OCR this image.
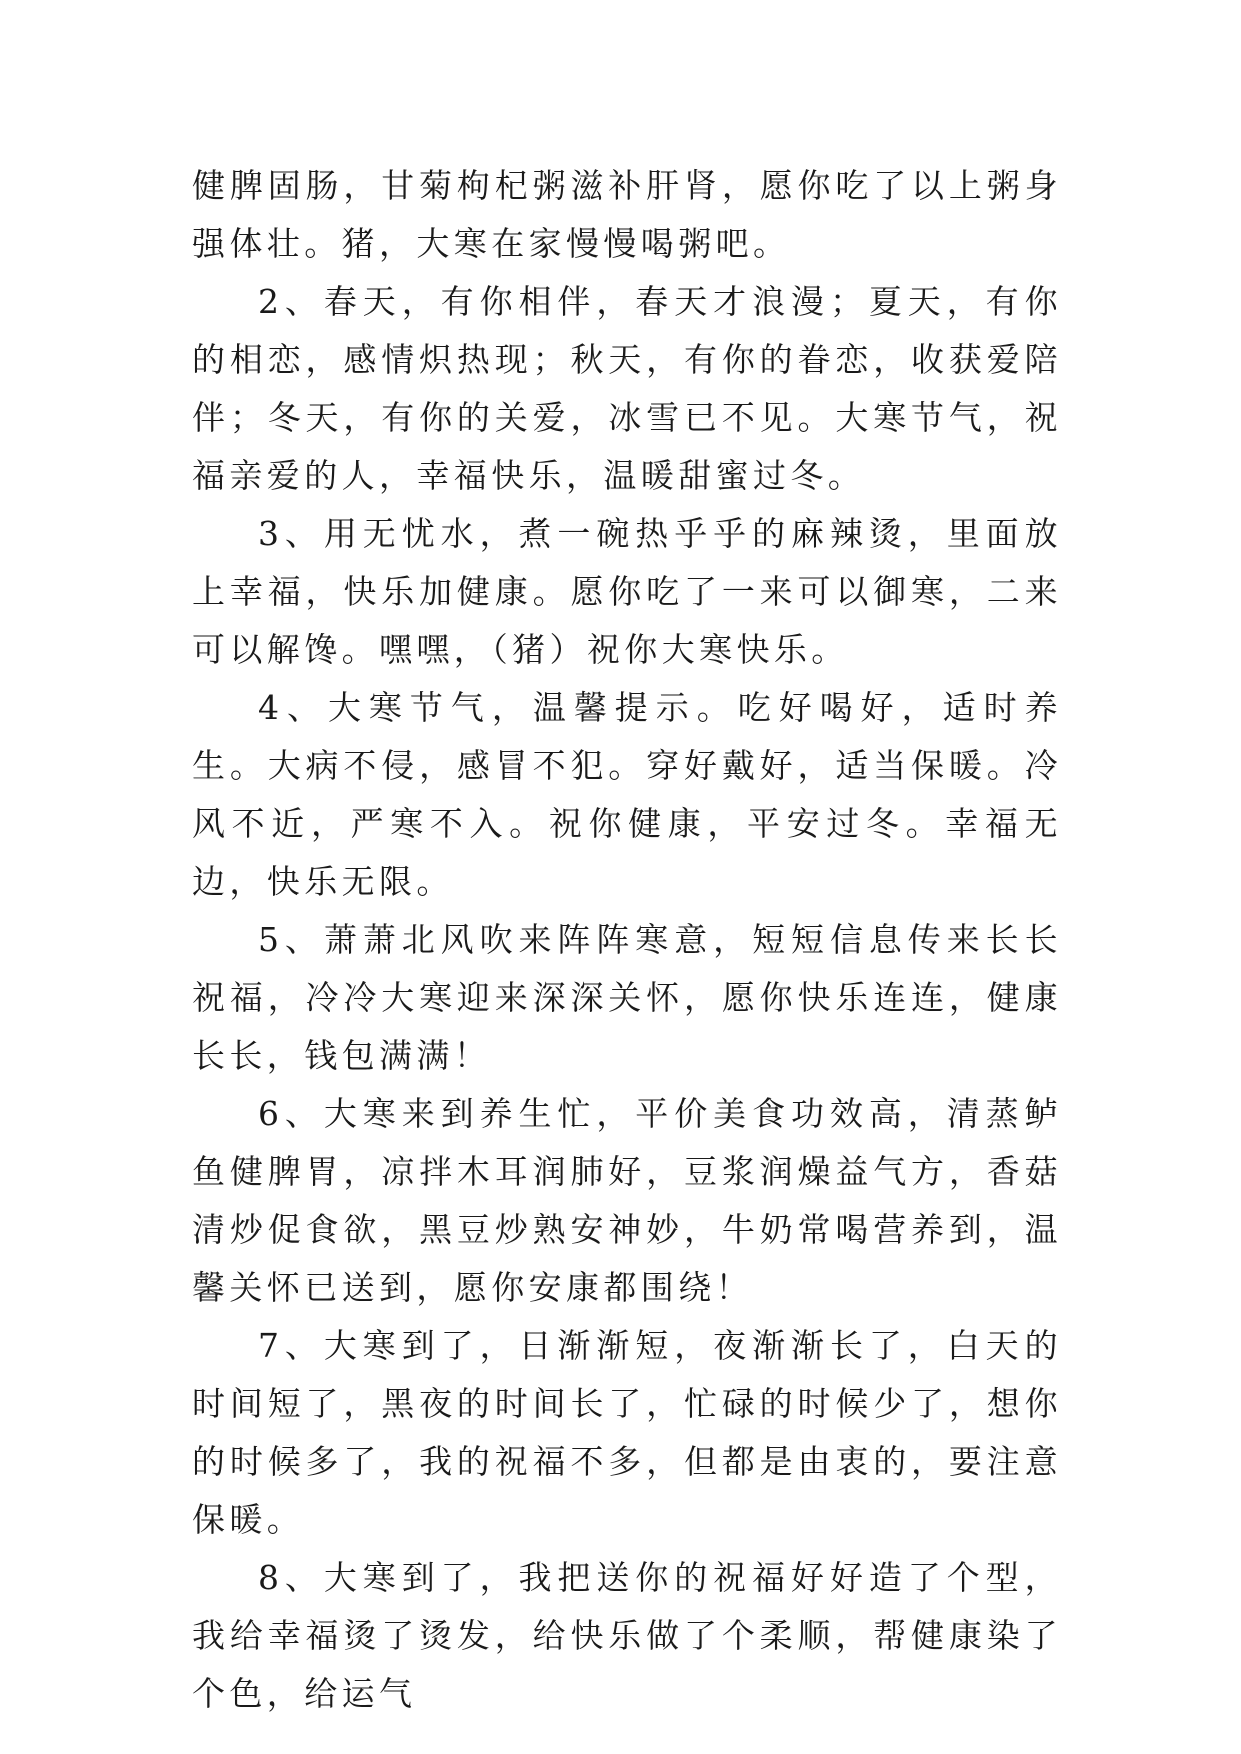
健脾固肠，甘菊枸杞粥滋补肝肾，愿你吃了以上粥身强体壮。猪，大寒在家慢慢喝粥吧。

2、春天，有你相伴，春天才浪漫；夏天，有你的相恋，感情炽热现；秋天，有你的眷恋，收获爱陪伴；冬天，有你的关爱，冰雪已不见。大寒节气，祝福亲爱的人，幸福快乐，温暖甜蜜过冬。

3、用无忧水，煮一碗热乎乎的麻辣烫，里面放上幸福，快乐加健康。愿你吃了一来可以御寒，二来可以解馋。嘿嘿，（猪）祝你大寒快乐。

4、大寒节气，温馨提示。吃好喝好，适时养生。大病不侵，感冒不犯。穿好戴好，适当保暖。冷风不近，严寒不入。祝你健康，平安过冬。幸福无边，快乐无限。

5、萧萧北风吹来阵阵寒意，短短信息传来长长祝福，冷冷大寒迎来深深关怀，愿你快乐连连，健康长长，钱包满满！

6、大寒来到养生忙，平价美食功效高，清蒸鲈鱼健脾胃，凉拌木耳润肺好，豆浆润燥益气方，香菇清炒促食欲，黑豆炒熟安神妙，牛奶常喝营养到，温馨关怀已送到，愿你安康都围绕！

7、大寒到了，日渐渐短，夜渐渐长了，白天的时间短了，黑夜的时间长了，忙碌的时候少了，想你的时候多了，我的祝福不多，但都是由衷的，要注意保暖。

8、大寒到了，我把送你的祝福好好造了个型，我给幸福烫了烫发，给快乐做了个柔顺，帮健康染了个色，给运气
